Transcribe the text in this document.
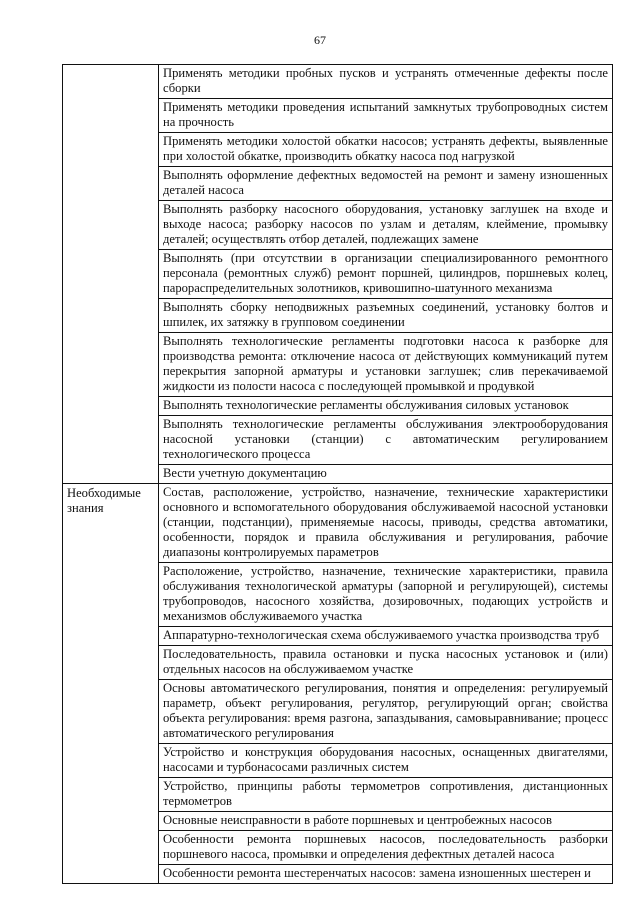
67
	Применять методики пробных пусков и устранять отмеченные дефекты после сборки
	Применять методики проведения испытаний замкнутых трубопроводных систем на прочность
	Применять методики холостой обкатки насосов; устранять дефекты, выявленные при холостой обкатке, производить обкатку насоса под нагрузкой
	Выполнять оформление дефектных ведомостей на ремонт и замену изношенных деталей насоса
	Выполнять разборку насосного оборудования, установку заглушек на входе и выходе насоса; разборку насосов по узлам и деталям, клеймение, промывку деталей; осуществлять отбор деталей, подлежащих замене
	Выполнять (при отсутствии в организации специализированного ремонтного персонала (ремонтных служб) ремонт поршней, цилиндров, поршневых колец, парораспределительных золотников, кривошипно-шатунного механизма
	Выполнять сборку неподвижных разъемных соединений, установку болтов и шпилек, их затяжку в групповом соединении
	Выполнять технологические регламенты подготовки насоса к разборке для производства ремонта: отключение насоса от действующих коммуникаций путем перекрытия запорной арматуры и установки заглушек; слив перекачиваемой жидкости из полости насоса с последующей промывкой и продувкой
	Выполнять технологические регламенты обслуживания силовых установок
	Выполнять технологические регламенты обслуживания электрооборудования насосной установки (станции) с автоматическим регулированием технологического процесса
	Вести учетную документацию
Необходимые знания	Состав, расположение, устройство, назначение, технические характеристики основного и вспомогательного оборудования обслуживаемой насосной установки (станции, подстанции), применяемые насосы, приводы, средства автоматики, особенности, порядок и правила обслуживания и регулирования, рабочие диапазоны контролируемых параметров
	Расположение, устройство, назначение, технические характеристики, правила обслуживания технологической арматуры (запорной и регулирующей), системы трубопроводов, насосного хозяйства, дозировочных, подающих устройств и механизмов обслуживаемого участка
	Аппаратурно-технологическая схема обслуживаемого участка производства труб
	Последовательность, правила остановки и пуска насосных установок и (или) отдельных насосов на обслуживаемом участке
	Основы автоматического регулирования, понятия и определения: регулируемый параметр, объект регулирования, регулятор, регулирующий орган; свойства объекта регулирования: время разгона, запаздывания, самовыравнивание; процесс автоматического регулирования
	Устройство и конструкция оборудования насосных, оснащенных двигателями, насосами и турбонасосами различных систем
	Устройство, принципы работы термометров сопротивления, дистанционных термометров
	Основные неисправности в работе поршневых и центробежных насосов
	Особенности ремонта поршневых насосов, последовательность разборки поршневого насоса, промывки и определения дефектных деталей насоса
	Особенности ремонта шестеренчатых насосов: замена изношенных шестерен и
